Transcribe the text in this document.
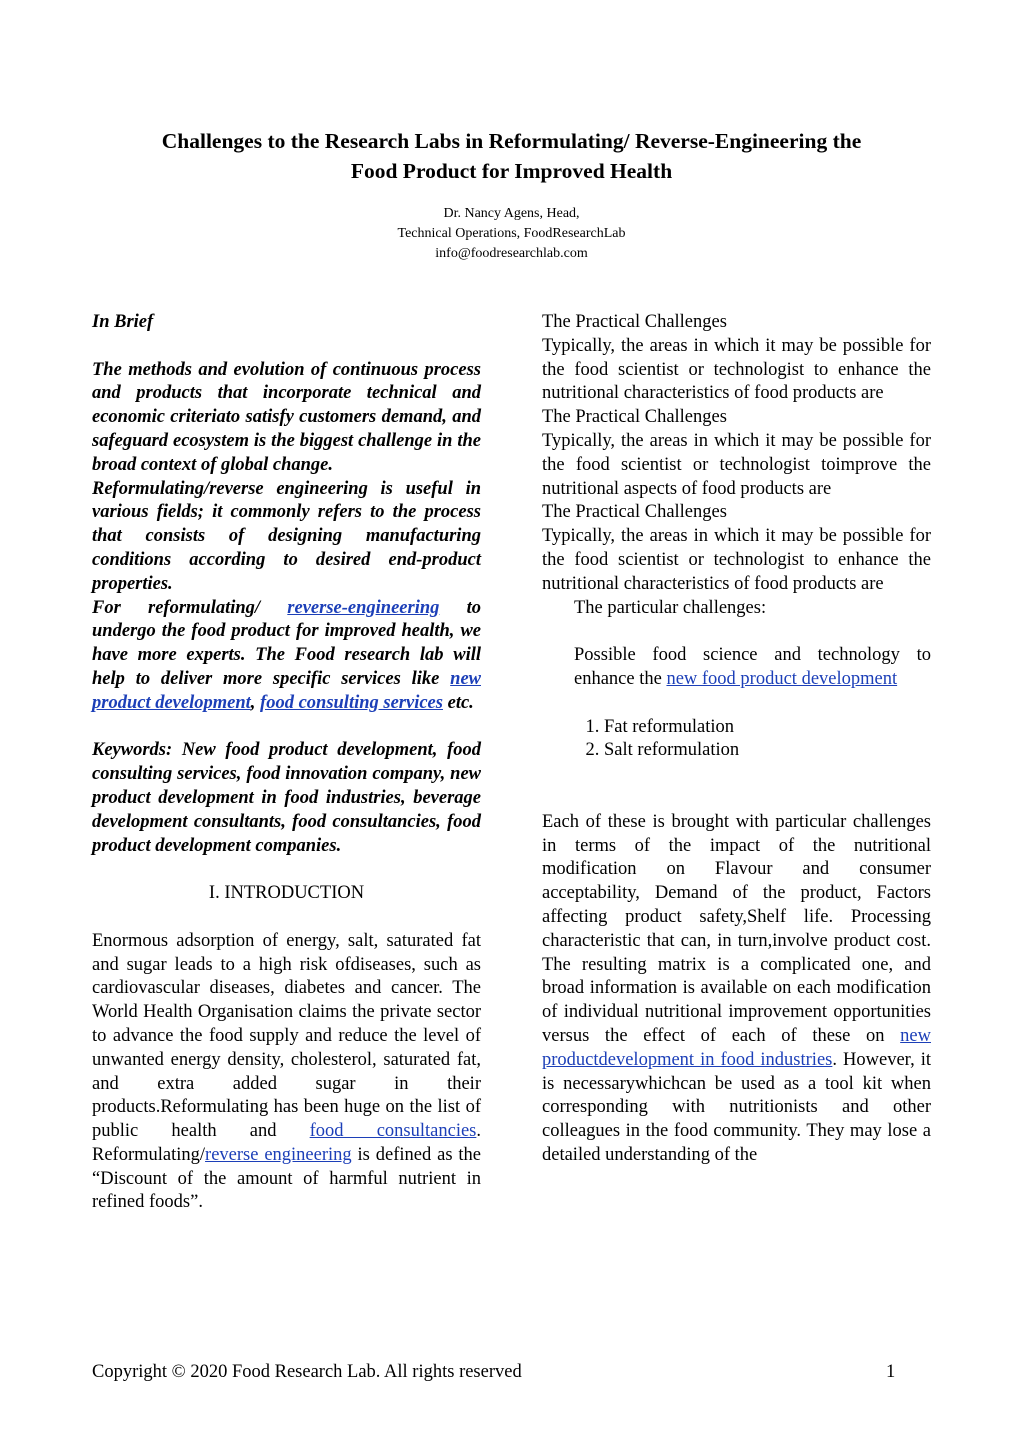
Challenges to the Research Labs in Reformulating/ Reverse-Engineering the
Food Product for Improved Health
Dr. Nancy Agens, Head,
Technical Operations, FoodResearchLab
info@foodresearchlab.com

In Brief

The methods and evolution of continuous process and products that incorporate technical and economic criteriato satisfy customers demand, and safeguard ecosystem is the biggest challenge in the broad context of global change.

Reformulating/reverse engineering is useful in various fields; it commonly refers to the process that consists of designing manufacturing conditions according to desired end-product properties.

For reformulating/ reverse-engineering to undergo the food product for improved health, we have more experts. The Food research lab will help to deliver more specific services like new product development, food consulting services etc.

Keywords: New food product development, food consulting services, food innovation company, new product development in food industries, beverage development consultants, food consultancies, food product development companies.

I. INTRODUCTION

Enormous adsorption of energy, salt, saturated fat and sugar leads to a high risk ofdiseases, such as cardiovascular diseases, diabetes and cancer. The World Health Organisation claims the private sector to advance the food supply and reduce the level of unwanted energy density, cholesterol, saturated fat, and extra added sugar in their products.Reformulating has been huge on the list of public health and food consultancies. Reformulating/reverse engineering is defined as the “Discount of the amount of harmful nutrient in refined foods”.

The Practical Challenges

Typically, the areas in which it may be possible for the food scientist or technologist to enhance the nutritional characteristics of food products are

The Practical Challenges

Typically, the areas in which it may be possible for the food scientist or technologist toimprove the nutritional aspects of food products are

The Practical Challenges

Typically, the areas in which it may be possible for the food scientist or technologist to enhance the nutritional characteristics of food products are

The particular challenges:

Possible food science and technology to enhance the new food product development

1. Fat reformulation
2. Salt reformulation

Each of these is brought with particular challenges in terms of the impact of the nutritional modification on Flavour and consumer acceptability, Demand of the product, Factors affecting product safety,Shelf life. Processing characteristic that can, in turn,involve product cost. The resulting matrix is a complicated one, and broad information is available on each modification of individual nutritional improvement opportunities versus the effect of each of these on new productdevelopment in food industries. However, it is necessarywhichcan be used as a tool kit when corresponding with nutritionists and other colleagues in the food community. They may lose a detailed understanding of the

Copyright © 2020 Food Research Lab. All rights reserved	1
